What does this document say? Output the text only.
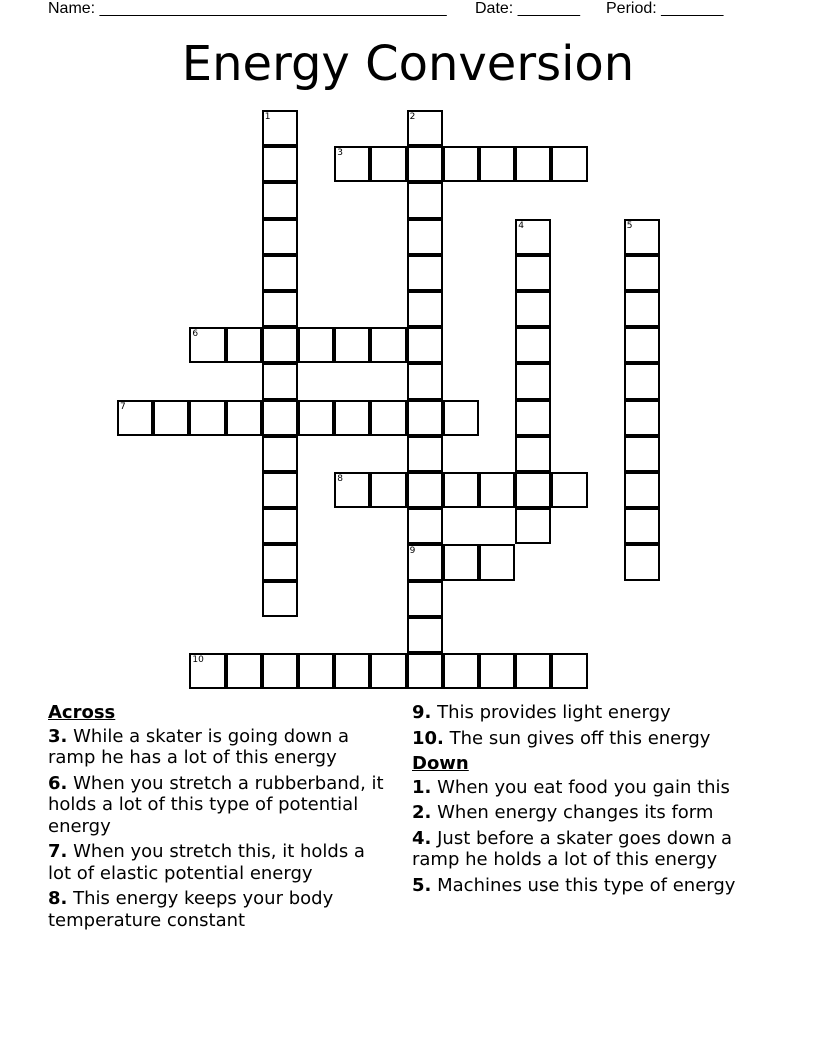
Name: _______________________________________ Date: _______ Period: _______
Energy Conversion
1	2
3
4	5
6
7
8
9
10
Across
3. While a skater is going down a ramp he has a lot of this energy
6. When you stretch a rubberband, it holds a lot of this type of potential energy
7. When you stretch this, it holds a lot of elastic potential energy
8. This energy keeps your body temperature constant
9. This provides light energy
10. The sun gives off this energy
Down
1. When you eat food you gain this
2. When energy changes its form
4. Just before a skater goes down a ramp he holds a lot of this energy
5. Machines use this type of energy
